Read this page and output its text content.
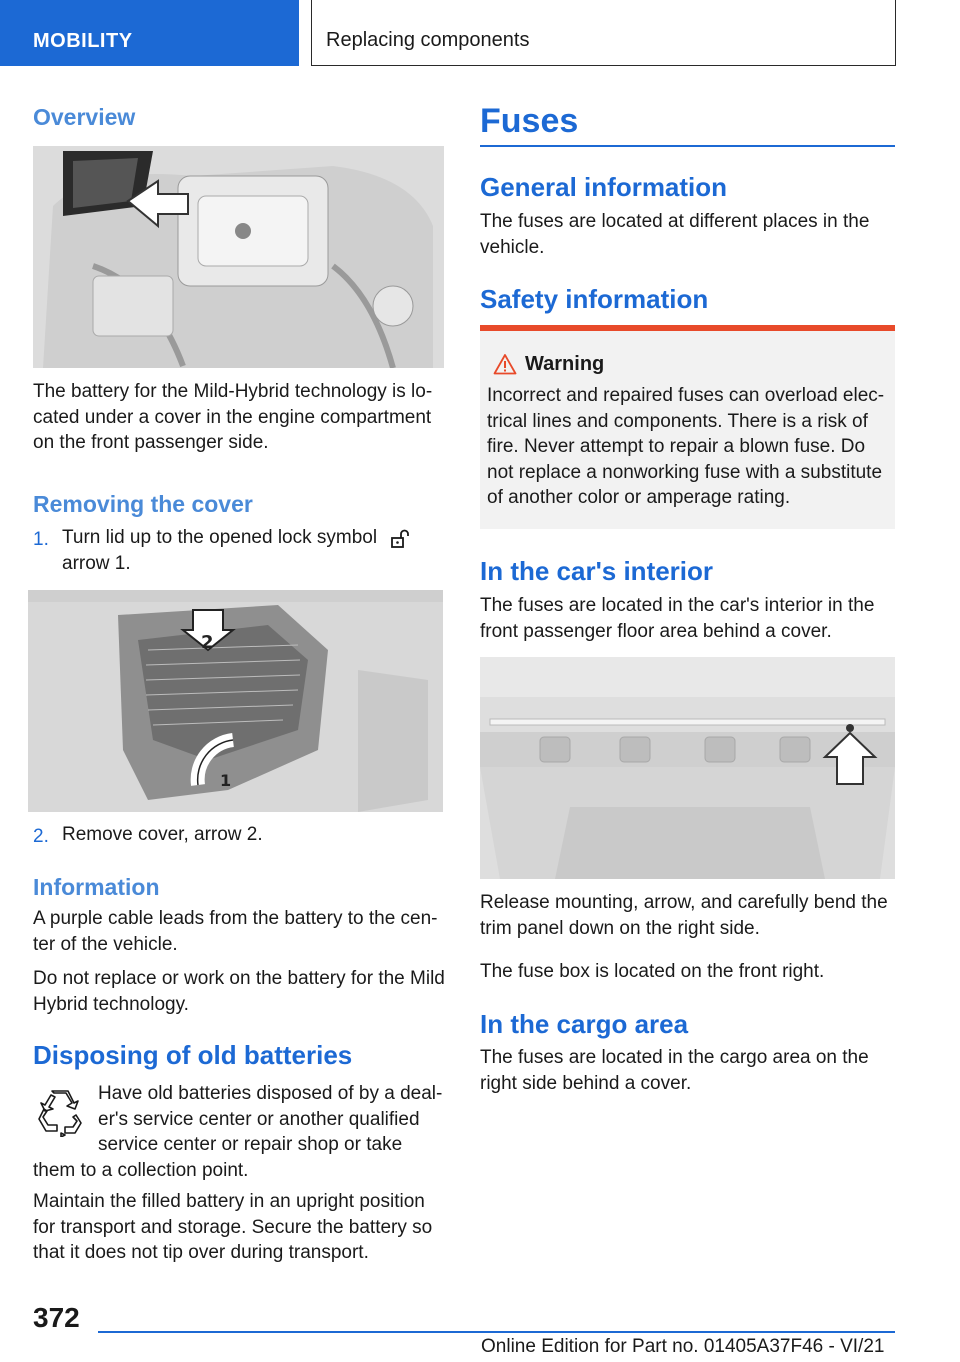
MOBILITY	Replacing components
Overview

The battery for the Mild-Hybrid technology is lo-cated under a cover in the engine compartment on the front passenger side.

Removing the cover
1. Turn lid up to the opened lock symbol
arrow 1.
2
1
2. Remove cover, arrow 2.
Information

A purple cable leads from the battery to the cen-ter of the vehicle.

Do not replace or work on the battery for the Mild Hybrid technology.

Disposing of old batteries

Have old batteries disposed of by a deal-er's service center or another qualified service center or repair shop or take

them to a collection point.

Maintain the filled battery in an upright position for transport and storage. Secure the battery so that it does not tip over during transport.

Fuses
General information

The fuses are located at different places in the vehicle.

Safety information
Warning
Incorrect and repaired fuses can overload elec-trical lines and components. There is a risk of fire. Never attempt to repair a blown fuse. Do not replace a nonworking fuse with a substitute of another color or amperage rating.
In the car's interior

The fuses are located in the car's interior in the front passenger floor area behind a cover.

Release mounting, arrow, and carefully bend the trim panel down on the right side.

The fuse box is located on the front right.

In the cargo area

The fuses are located in the cargo area on the right side behind a cover.

372
Online Edition for Part no. 01405A37F46 - VI/21
